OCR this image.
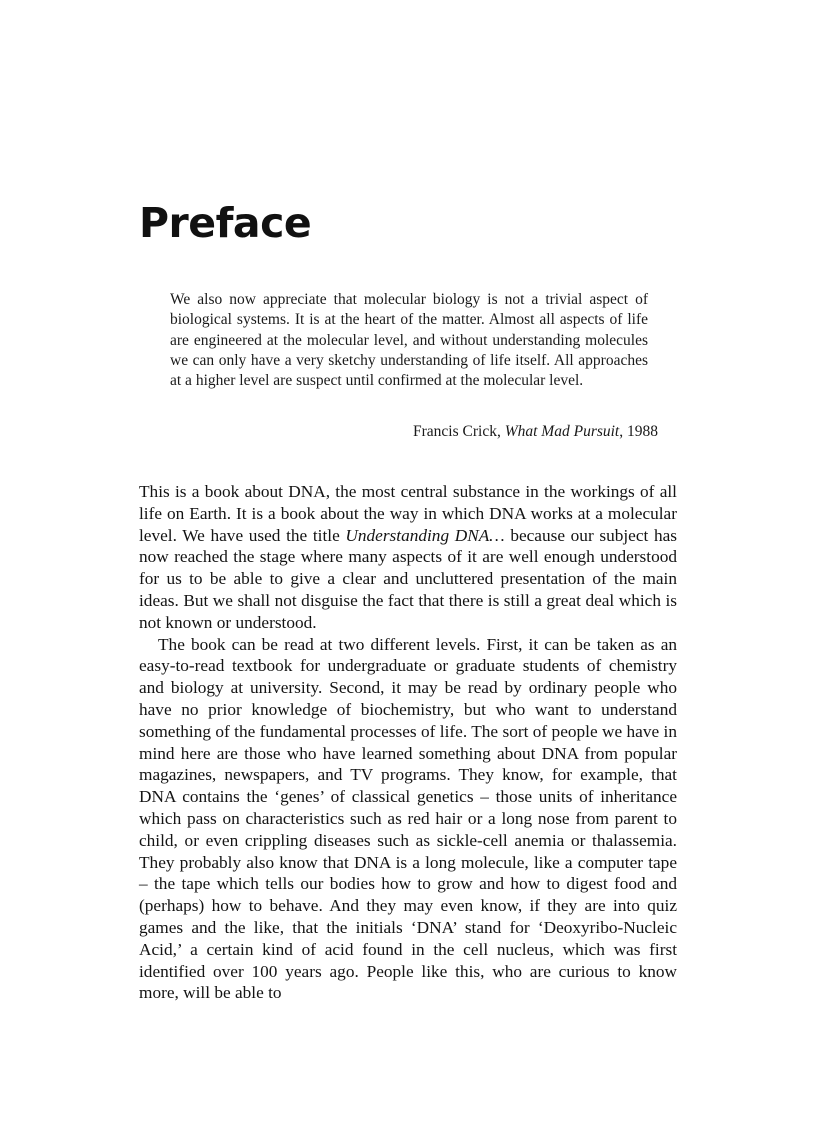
Preface

We also now appreciate that molecular biology is not a trivial aspect of biological systems. It is at the heart of the matter. Almost all aspects of life are engineered at the molecular level, and without understanding molecules we can only have a very sketchy understanding of life itself. All approaches at a higher level are suspect until confirmed at the molecular level.

Francis Crick, What Mad Pursuit, 1988

This is a book about DNA, the most central substance in the workings of all life on Earth. It is a book about the way in which DNA works at a molecular level. We have used the title Understanding DNA… because our subject has now reached the stage where many aspects of it are well enough understood for us to be able to give a clear and uncluttered presentation of the main ideas. But we shall not disguise the fact that there is still a great deal which is not known or understood.

The book can be read at two different levels. First, it can be taken as an easy-to-read textbook for undergraduate or graduate students of chemistry and biology at university. Second, it may be read by ordinary people who have no prior knowledge of biochemistry, but who want to understand something of the fundamental processes of life. The sort of people we have in mind here are those who have learned something about DNA from popular magazines, newspapers, and TV programs. They know, for example, that DNA contains the ‘genes’ of classical genetics – those units of inheritance which pass on characteristics such as red hair or a long nose from parent to child, or even crippling diseases such as sickle-cell anemia or thalassemia. They probably also know that DNA is a long molecule, like a computer tape – the tape which tells our bodies how to grow and how to digest food and (perhaps) how to behave. And they may even know, if they are into quiz games and the like, that the initials ‘DNA’ stand for ‘Deoxyribo-Nucleic Acid,’ a certain kind of acid found in the cell nucleus, which was first identified over 100 years ago. People like this, who are curious to know more, will be able to
